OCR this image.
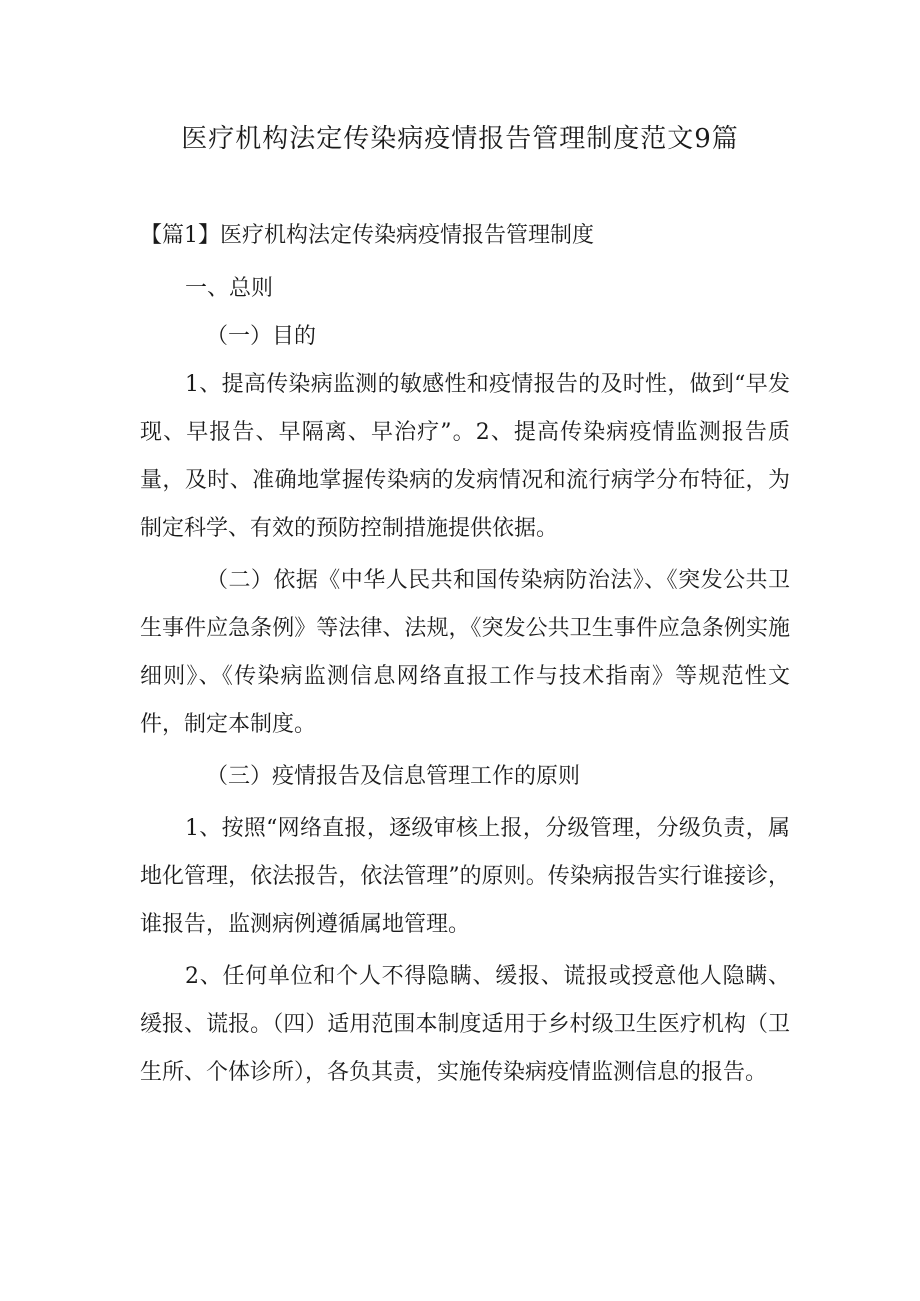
医疗机构法定传染病疫情报告管理制度范文9篇

【篇1】医疗机构法定传染病疫情报告管理制度

一、总则

（一）目的

1、提高传染病监测的敏感性和疫情报告的及时性，做到“早发现、早报告、早隔离、早治疗”。2、提高传染病疫情监测报告质量，及时、准确地掌握传染病的发病情况和流行病学分布特征，为制定科学、有效的预防控制措施提供依据。

（二）依据《中华人民共和国传染病防治法》、《突发公共卫生事件应急条例》等法律、法规，《突发公共卫生事件应急条例实施细则》、《传染病监测信息网络直报工作与技术指南》等规范性文件，制定本制度。

（三）疫情报告及信息管理工作的原则

1、按照“网络直报，逐级审核上报，分级管理，分级负责，属地化管理，依法报告，依法管理”的原则。传染病报告实行谁接诊，谁报告，监测病例遵循属地管理。

2、任何单位和个人不得隐瞒、缓报、谎报或授意他人隐瞒、缓报、谎报。（四）适用范围本制度适用于乡村级卫生医疗机构（卫生所、个体诊所），各负其责，实施传染病疫情监测信息的报告。
